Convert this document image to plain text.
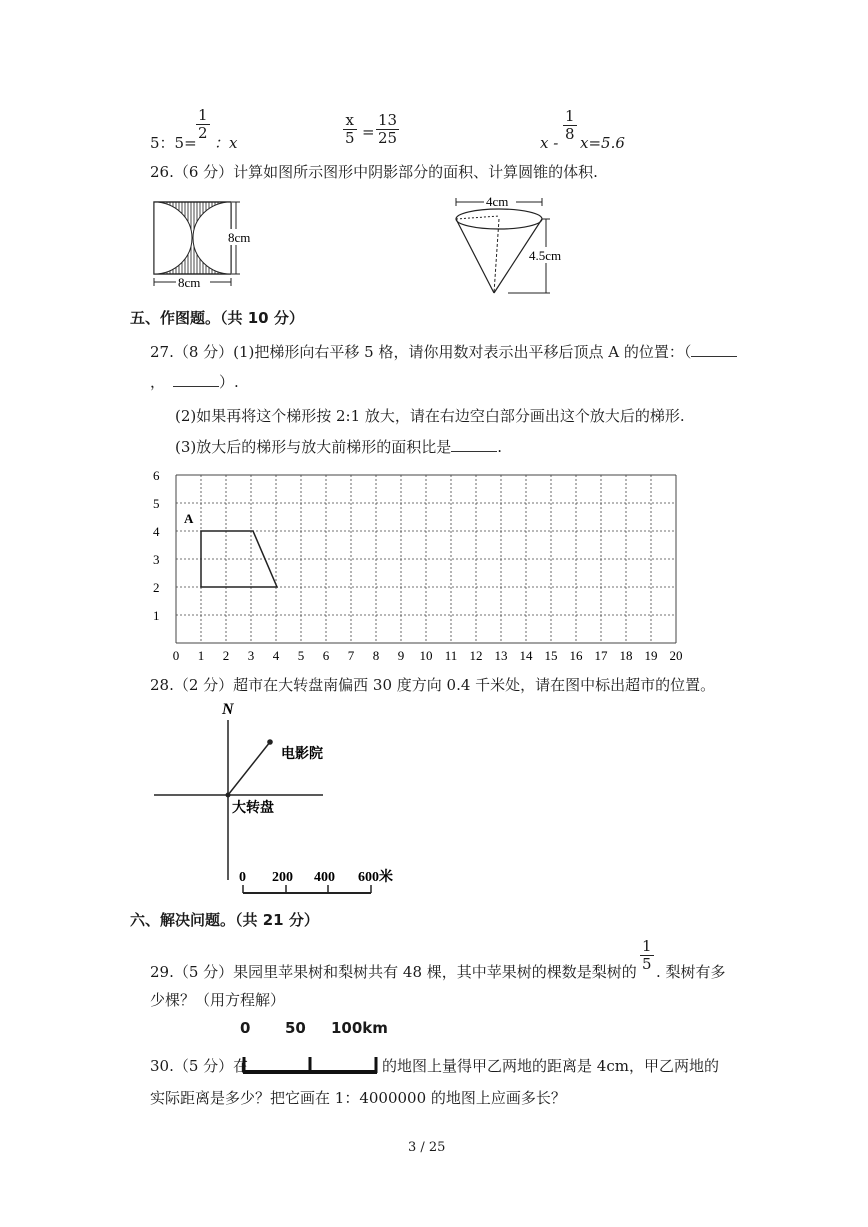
5：5=
$\frac{1}{2}$
：x	$\frac{x}{5} = \frac{13}{25}$	$x - \frac{1}{8} x=5.6$
26.（6 分）计算如图所示图形中阴影部分的面积、计算圆锥的体积.
8cm
8cm
4cm
4.5cm
五、作图题。（共 10 分）
27.（8 分）(1)把梯形向右平移 5 格，请你用数对表示出平移后顶点 A 的位置：（
，	）.
(2)如果再将这个梯形按 2:1 放大，请在右边空白部分画出这个放大后的梯形.
(3)放大后的梯形与放大前梯形的面积比是	.
0 1 2 3 4 5 6 7 8 9 10 11 12 13 14 15 16 17 18 19 20
1
2
3
4
5
6
A
28.（2 分）超市在大转盘南偏西 30 度方向 0.4 千米处，请在图中标出超市的位置。
N
电影院
大转盘
0 200 400 600米
六、解决问题。（共 21 分）
29.（5 分）果园里苹果树和梨树共有 48 棵，其中苹果树的棵数是梨树的 $\frac{1}{5}$ . 梨树有多
少棵？（用方程解）
0 50 100km
30.（5 分）在	的地图上量得甲乙两地的距离是 4cm，甲乙两地的
实际距离是多少？把它画在 1：4000000 的地图上应画多长？
3 / 25
